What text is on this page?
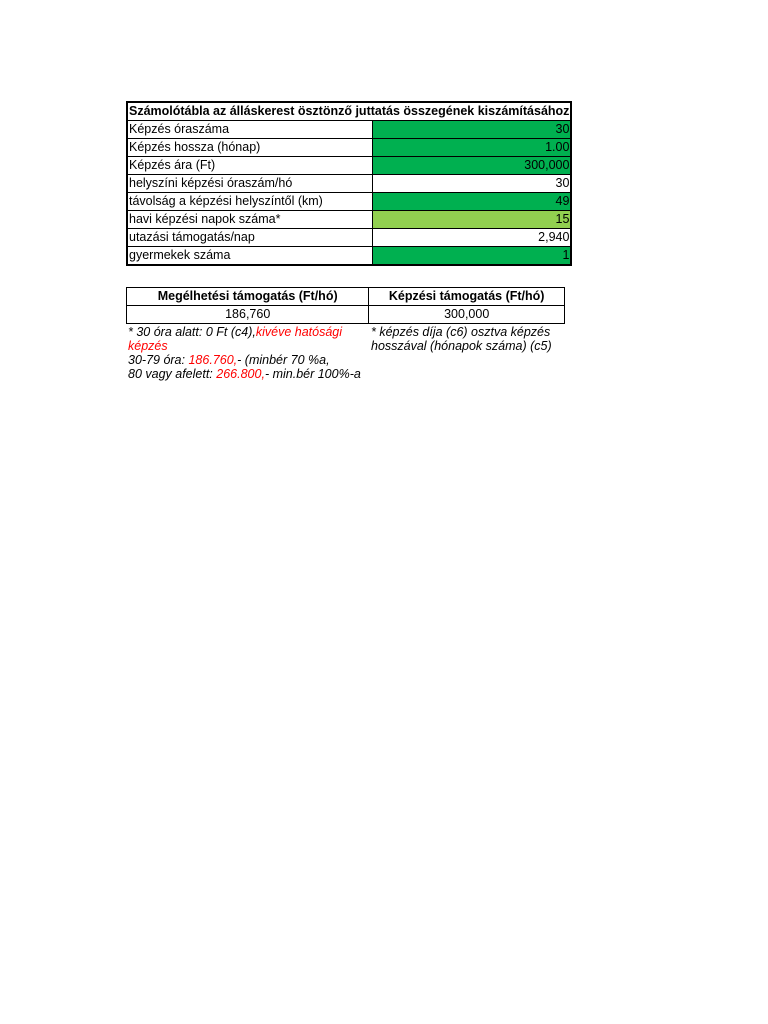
Számolótábla az álláskerest ösztönző juttatás összegének kiszámításához	
Képzés óraszáma	30
Képzés hossza (hónap)	1.00
Képzés ára (Ft)	300,000
helyszíni képzési óraszám/hó	30
távolság a képzési helyszíntől (km)	49
havi képzési napok száma*	15
utazási támogatás/nap	2,940
gyermekek száma	1
Megélhetési támogatás (Ft/hó)	Képzési támogatás (Ft/hó)
186,760	300,000
* 30 óra alatt: 0 Ft (c4),kivéve hatósági képzés
30-79 óra: 186.760,- (minbér 70 %a,
80 vagy afelett: 266.800,- min.bér 100%-a
* képzés díja (c6) osztva képzés hosszával (hónapok száma) (c5)
